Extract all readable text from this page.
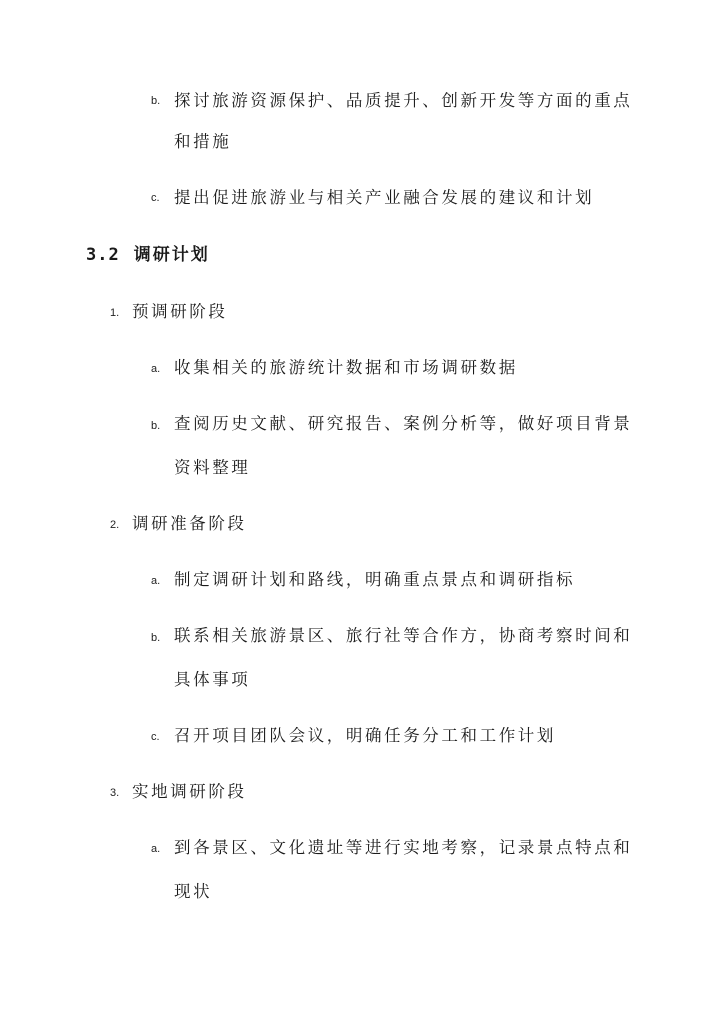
b. 探讨旅游资源保护、品质提升、创新开发等方面的重点
和措施
c. 提出促进旅游业与相关产业融合发展的建议和计划
3.2 调研计划
1. 预调研阶段
a. 收集相关的旅游统计数据和市场调研数据
b. 查阅历史文献、研究报告、案例分析等，做好项目背景
资料整理
2. 调研准备阶段
a. 制定调研计划和路线，明确重点景点和调研指标
b. 联系相关旅游景区、旅行社等合作方，协商考察时间和
具体事项
c. 召开项目团队会议，明确任务分工和工作计划
3. 实地调研阶段
a. 到各景区、文化遗址等进行实地考察，记录景点特点和
现状
